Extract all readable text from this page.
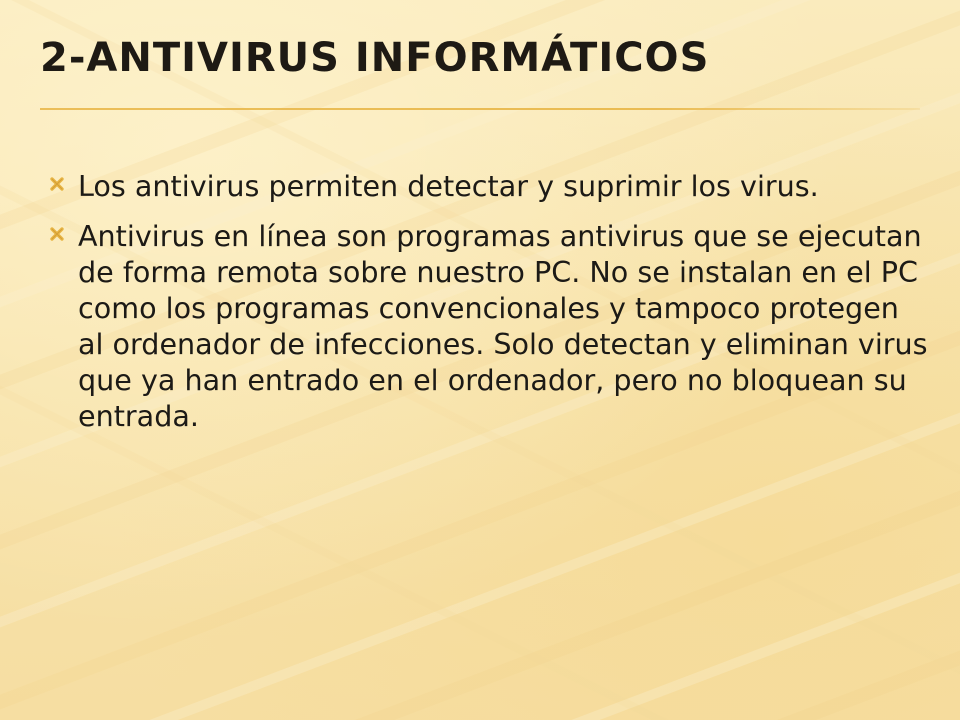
2-ANTIVIRUS INFORMÁTICOS
Los antivirus permiten detectar y suprimir los virus.
Antivirus en línea son programas antivirus que se ejecutan de forma remota sobre nuestro PC. No se instalan en el PC como los programas convencionales y tampoco protegen al ordenador de infecciones. Solo detectan y eliminan virus que ya han entrado en el ordenador, pero no bloquean su entrada.
